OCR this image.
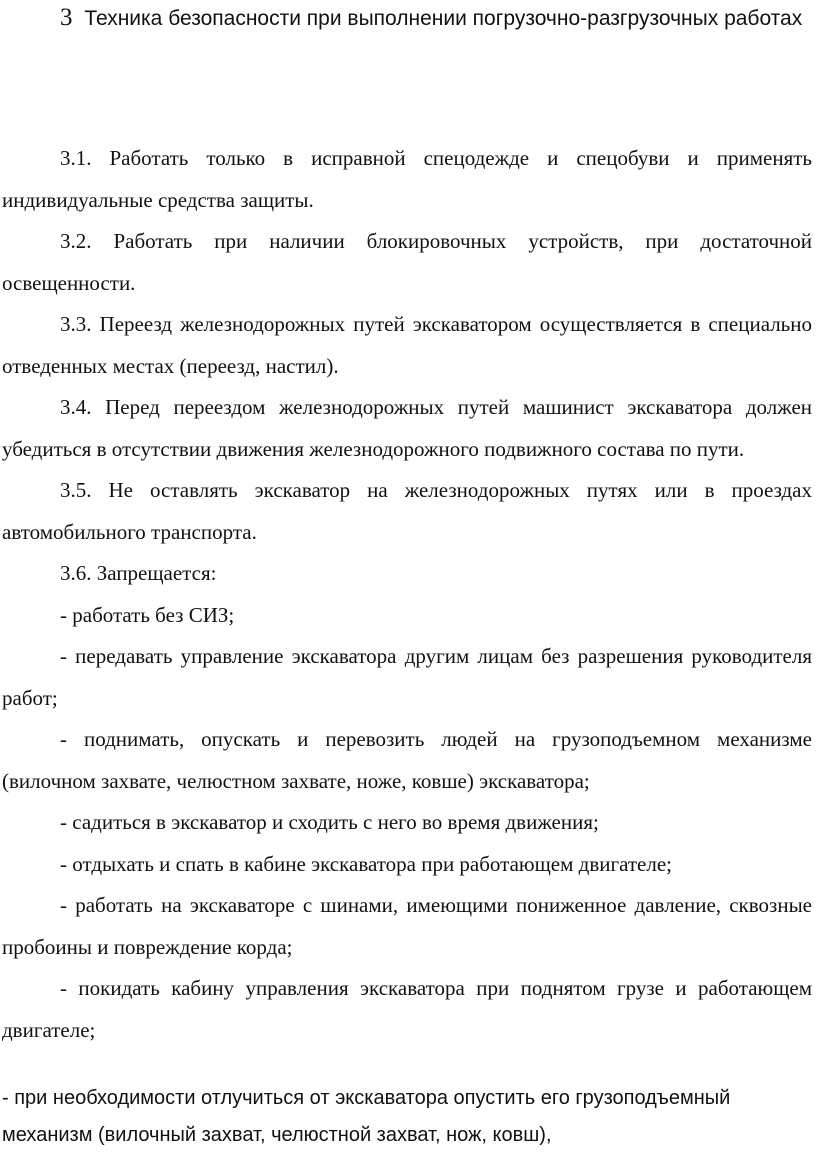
3 Техника безопасности при выполнении погрузочно-разгрузочных работах

3.1. Работать только в исправной спецодежде и спецобуви и применять индивидуальные средства защиты.

3.2. Работать при наличии блокировочных устройств, при достаточной освещенности.

3.3. Переезд железнодорожных путей экскаватором осуществляется в специально отведенных местах (переезд, настил).

3.4. Перед переездом железнодорожных путей машинист экскаватора должен убедиться в отсутствии движения железнодорожного подвижного состава по пути.

3.5. Не оставлять экскаватор на железнодорожных путях или в проездах автомобильного транспорта.

3.6. Запрещается:

- работать без СИЗ;

- передавать управление экскаватора другим лицам без разрешения руководителя работ;

- поднимать, опускать и перевозить людей на грузоподъемном механизме (вилочном захвате, челюстном захвате, ноже, ковше) экскаватора;

- садиться в экскаватор и сходить с него во время движения;

- отдыхать и спать в кабине экскаватора при работающем двигателе;

- работать на экскаваторе с шинами, имеющими пониженное давление, сквозные пробоины и повреждение корда;

- покидать кабину управления экскаватора при поднятом грузе и работающем двигателе;

- при необходимости отлучиться от экскаватора опустить его грузоподъемный
механизм (вилочный захват, челюстной захват, нож, ковш),
